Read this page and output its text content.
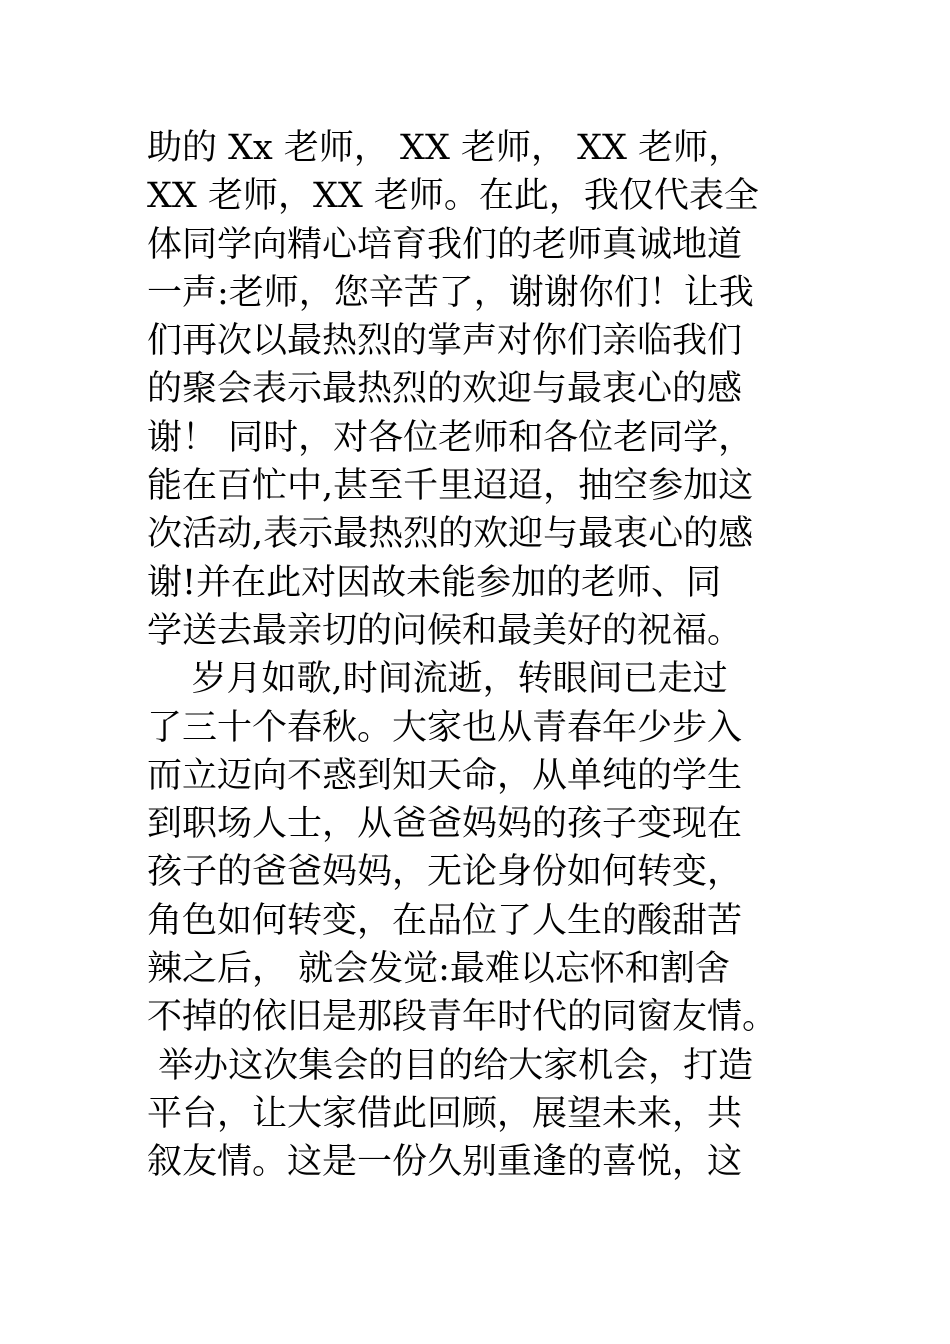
助的 Xx 老师， XX 老师， XX 老师，
XX 老师，XX 老师。在此，我仅代表全
体同学向精心培育我们的老师真诚地道
一声:老师，您辛苦了，谢谢你们！让我
们再次以最热烈的掌声对你们亲临我们
的聚会表示最热烈的欢迎与最衷心的感
谢！ 同时，对各位老师和各位老同学，
能在百忙中,甚至千里迢迢，抽空参加这
次活动,表示最热烈的欢迎与最衷心的感
谢!并在此对因故未能参加的老师、同
学送去最亲切的问候和最美好的祝福。
岁月如歌,时间流逝，转眼间已走过
了三十个春秋。大家也从青春年少步入
而立迈向不惑到知天命，从单纯的学生
到职场人士，从爸爸妈妈的孩子变现在
孩子的爸爸妈妈，无论身份如何转变，
角色如何转变，在品位了人生的酸甜苦
辣之后， 就会发觉:最难以忘怀和割舍
不掉的依旧是那段青年时代的同窗友情。
举办这次集会的目的给大家机会，打造
平台，让大家借此回顾，展望未来，共
叙友情。这是一份久别重逢的喜悦，这
